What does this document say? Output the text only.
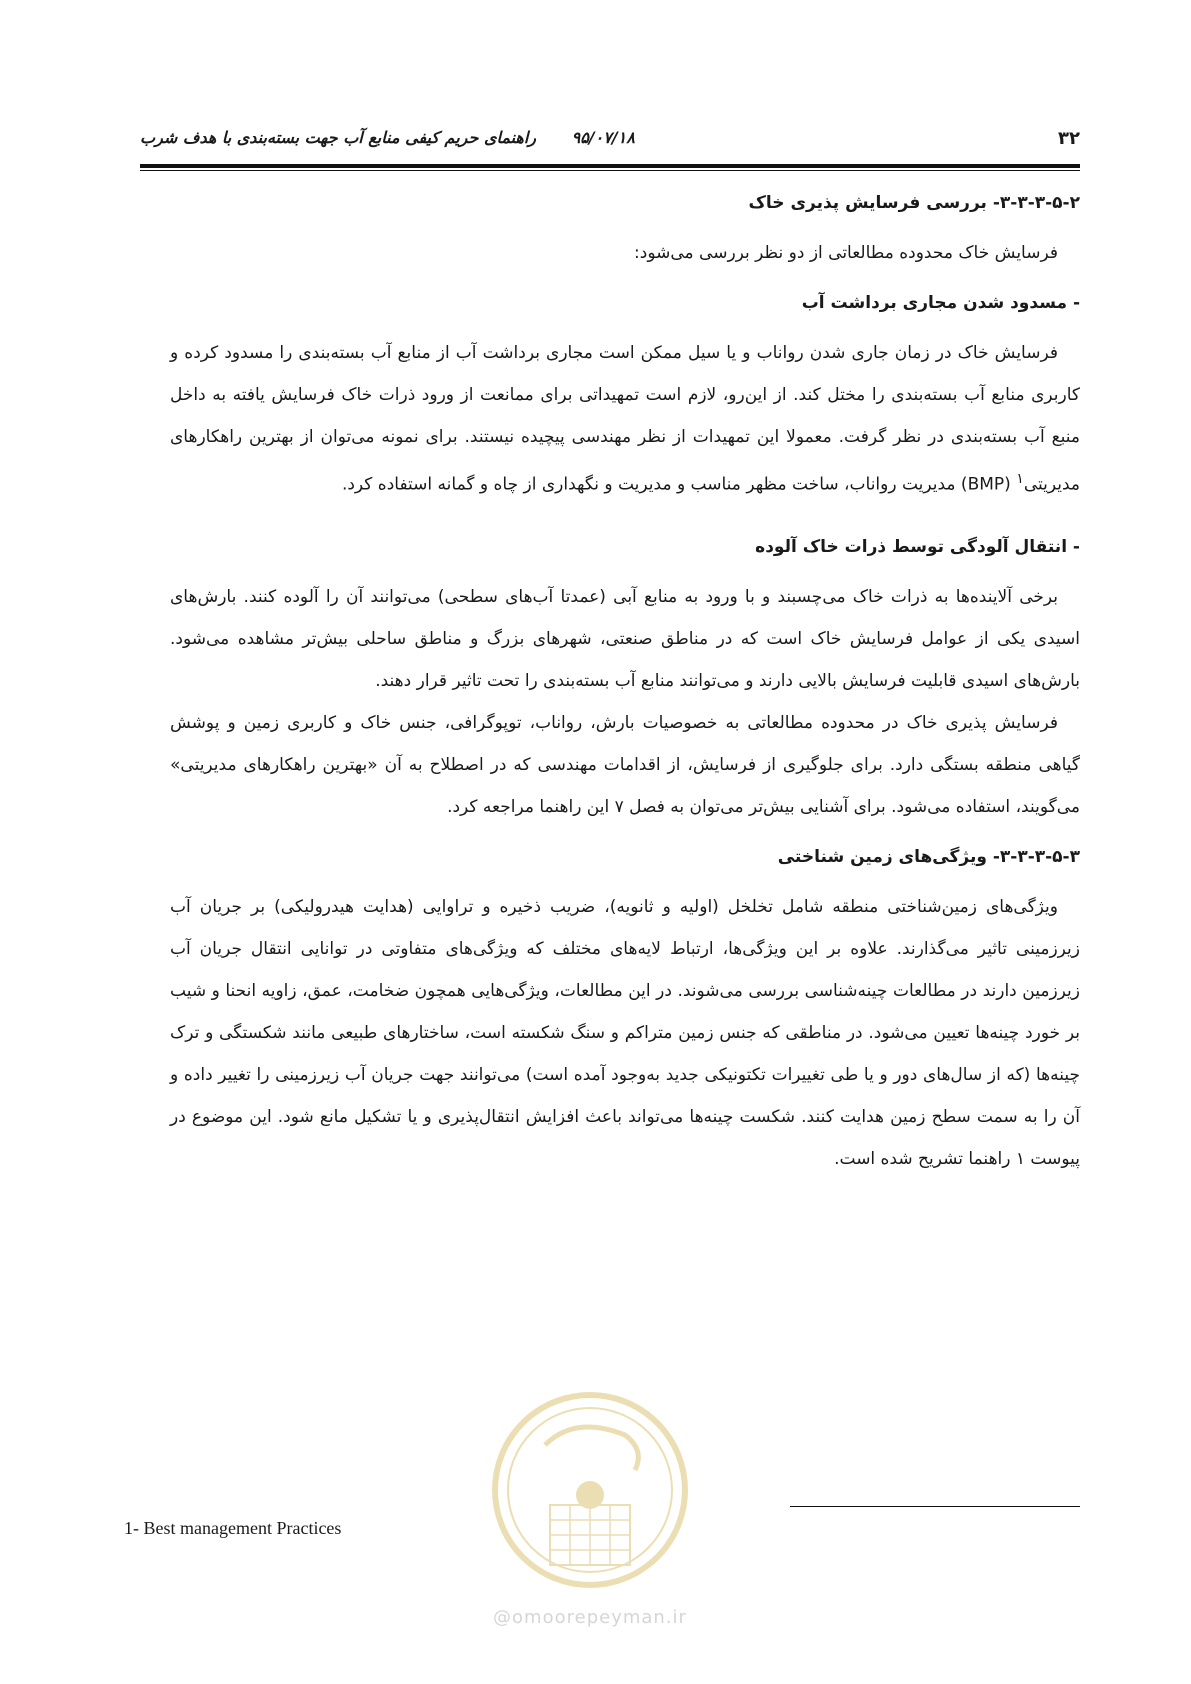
۳۲
۹۵/۰۷/۱۸ راهنمای حریم کیفی منابع آب جهت بسته‌بندی با هدف شرب

۳-۳-۳-۵-۲- بررسی فرسایش پذیری خاک

فرسایش خاک محدوده مطالعاتی از دو نظر بررسی می‌شود:

- مسدود شدن مجاری برداشت آب

فرسایش خاک در زمان جاری شدن رواناب و یا سیل ممکن است مجاری برداشت آب از منابع آب بسته‌بندی را مسدود کرده و کاربری منابع آب بسته‌بندی را مختل کند. از این‌رو، لازم است تمهیداتی برای ممانعت از ورود ذرات خاک فرسایش یافته به داخل منبع آب بسته‌بندی در نظر گرفت. معمولا این تمهیدات از نظر مهندسی پیچیده نیستند. برای نمونه می‌توان از بهترین راهکارهای مدیریتی$^۱$ (BMP) مدیریت رواناب، ساخت مظهر مناسب و مدیریت و نگهداری از چاه و گمانه استفاده کرد.

- انتقال آلودگی توسط ذرات خاک آلوده

برخی آلاینده‌ها به ذرات خاک می‌چسبند و با ورود به منابع آبی (عمدتا آب‌های سطحی) می‌توانند آن را آلوده کنند. بارش‌های اسیدی یکی از عوامل فرسایش خاک است که در مناطق صنعتی، شهرهای بزرگ و مناطق ساحلی بیش‌تر مشاهده می‌شود. بارش‌های اسیدی قابلیت فرسایش بالایی دارند و می‌توانند منابع آب بسته‌بندی را تحت تاثیر قرار دهند.

فرسایش پذیری خاک در محدوده مطالعاتی به خصوصیات بارش، رواناب، توپوگرافی، جنس خاک و کاربری زمین و پوشش گیاهی منطقه بستگی دارد. برای جلوگیری از فرسایش، از اقدامات مهندسی که در اصطلاح به آن «بهترین راهکارهای مدیریتی» می‌گویند، استفاده می‌شود. برای آشنایی بیش‌تر می‌توان به فصل ۷ این راهنما مراجعه کرد.

۳-۳-۳-۵-۳- ویژگی‌های زمین شناختی

ویژگی‌های زمین‌شناختی منطقه شامل تخلخل (اولیه و ثانویه)، ضریب ذخیره و تراوایی (هدایت هیدرولیکی) بر جریان آب زیرزمینی تاثیر می‌گذارند. علاوه بر این ویژگی‌ها، ارتباط لایه‌های مختلف که ویژگی‌های متفاوتی در توانایی انتقال جریان آب زیرزمین دارند در مطالعات چینه‌شناسی بررسی می‌شوند. در این مطالعات، ویژگی‌هایی همچون ضخامت، عمق، زاویه انحنا و شیب بر خورد چینه‌ها تعیین می‌شود. در مناطقی که جنس زمین متراکم و سنگ شکسته است، ساختارهای طبیعی مانند شکستگی و ترک چینه‌ها (که از سال‌های دور و یا طی تغییرات تکتونیکی جدید به‌وجود آمده است) می‌توانند جهت جریان آب زیرزمینی را تغییر داده و آن را به سمت سطح زمین هدایت کنند. شکست چینه‌ها می‌تواند باعث افزایش انتقال‌پذیری و یا تشکیل مانع شود. این موضوع در پیوست ۱ راهنما تشریح شده است.

@omoorepeyman.ir
1- Best management Practices
